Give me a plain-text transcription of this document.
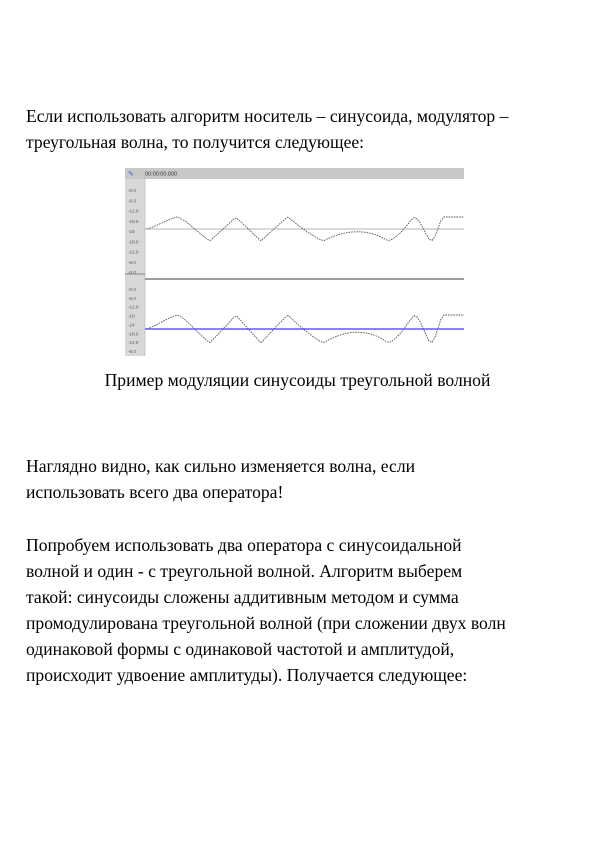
Если использовать алгоритм носитель – синусоида, модулятор –
треугольная волна, то получится следующее:

✎ 00:00:00.000
-0.0
-6.0
-12.0
-18.0
-24
-18.0
-12.0
-6.0
-0.0
-0.0
-6.0
-12.0
-18
-24
-18.0
-12.0
-6.0
Пример модуляции синусоиды треугольной волной

Наглядно видно, как сильно изменяется волна, если
использовать всего два оператора!

Попробуем использовать два оператора с синусоидальной
волной и один - с треугольной волной. Алгоритм выберем
такой: синусоиды сложены аддитивным методом и сумма
промодулирована треугольной волной (при сложении двух волн
одинаковой формы с одинаковой частотой и амплитудой,
происходит удвоение амплитуды). Получается следующее:
